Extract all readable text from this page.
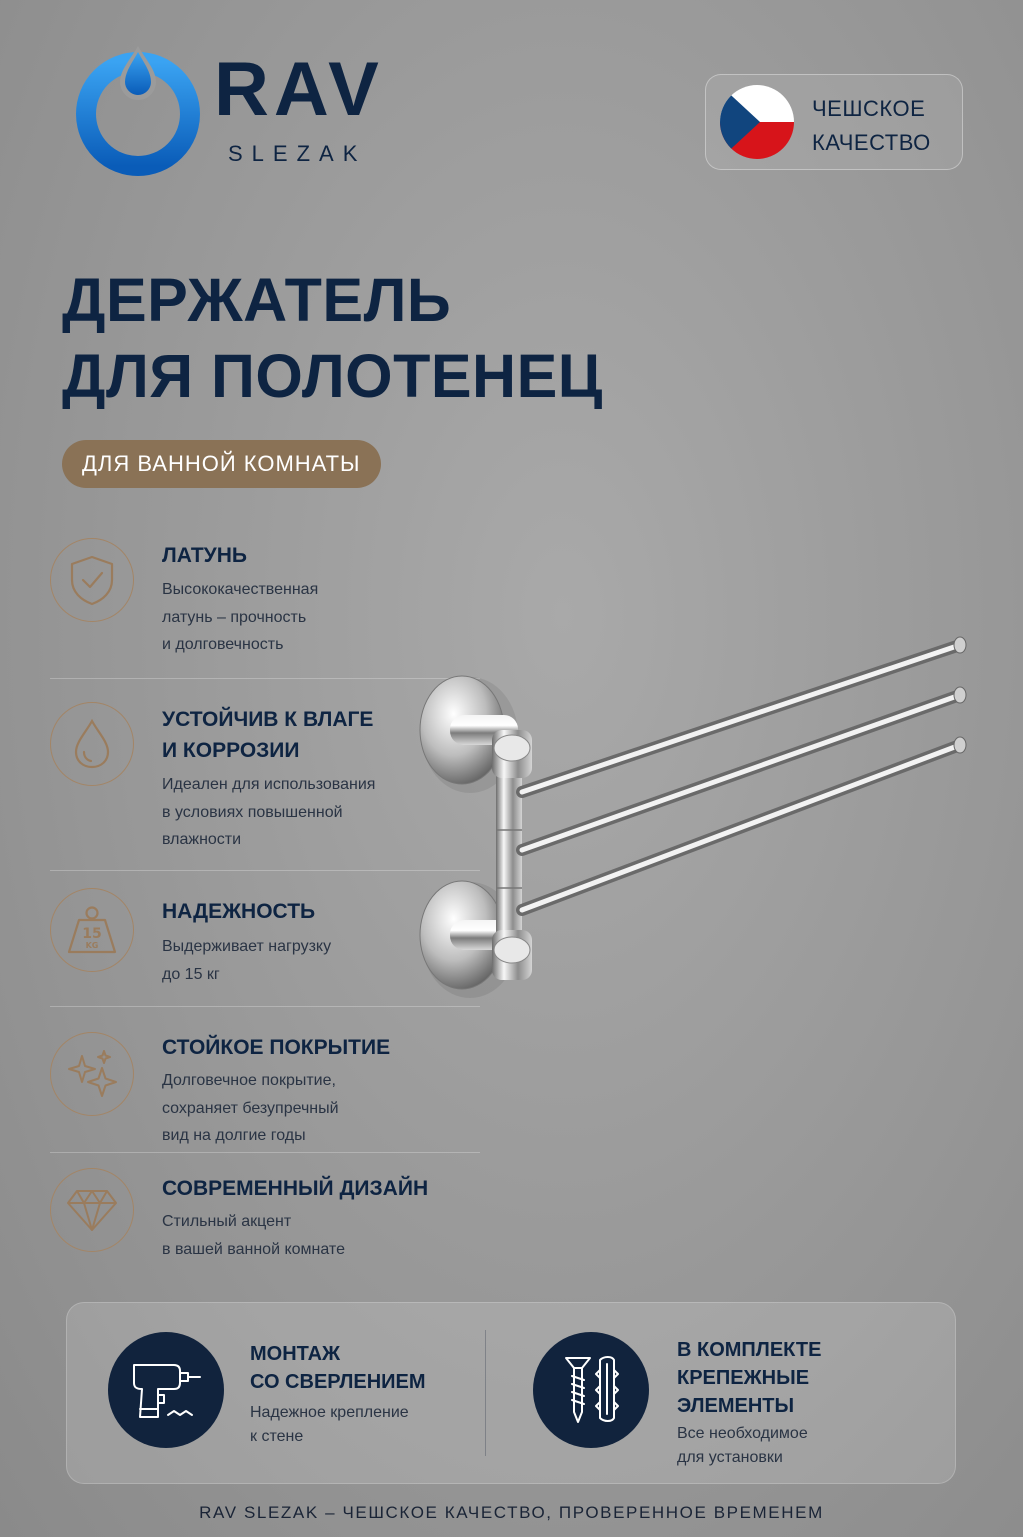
RAV
SLEZAK
ЧЕШСКОЕ
КАЧЕСТВО
ДЕРЖАТЕЛЬ
ДЛЯ ПОЛОТЕНЕЦ
ДЛЯ ВАННОЙ КОМНАТЫ
ЛАТУНЬ
Высококачественная
латунь – прочность
и долговечность
УСТОЙЧИВ К ВЛАГЕ
И КОРРОЗИИ
Идеален для использования
в условиях повышенной
влажности
15
KG
НАДЕЖНОСТЬ
Выдерживает нагрузку
до 15 кг
СТОЙКОЕ ПОКРЫТИЕ
Долговечное покрытие,
сохраняет безупречный
вид на долгие годы
СОВРЕМЕННЫЙ ДИЗАЙН
Стильный акцент
в вашей ванной комнате
МОНТАЖ
СО СВЕРЛЕНИЕМ
Надежное крепление
к стене
В КОМПЛЕКТЕ
КРЕПЕЖНЫЕ
ЭЛЕМЕНТЫ
Все необходимое
для установки
RAV SLEZAK – ЧЕШСКОЕ КАЧЕСТВО, ПРОВЕРЕННОЕ ВРЕМЕНЕМ
